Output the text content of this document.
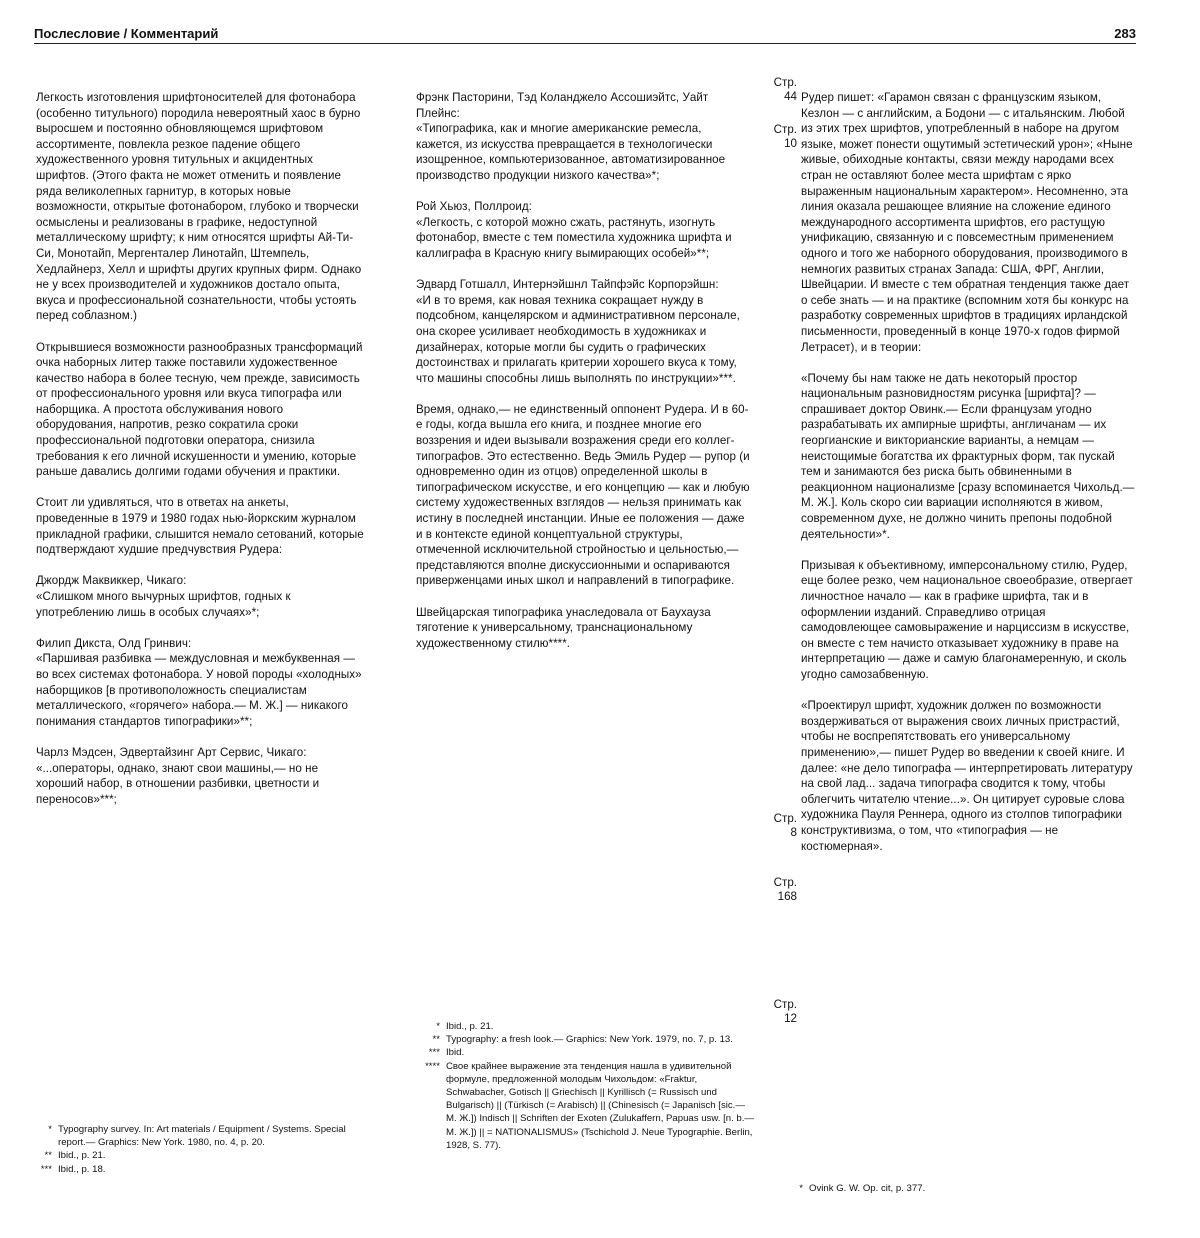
Послесловие / Комментарий	283

Легкость изготовления шрифтоносителей для фотонабора (особенно титульного) породила невероятный хаос в бурно выросшем и постоянно обновляющемся шрифтовом ассортименте, повлекла резкое падение общего художественного уровня титульных и акцидентных шрифтов. (Этого факта не может отменить и появление ряда великолепных гарнитур, в которых новые возможности, открытые фотонабором, глубоко и творчески осмыслены и реализованы в графике, недоступной металлическому шрифту; к ним относятся шрифты Ай-Ти-Си, Монотайп, Мергенталер Линотайп, Штемпель, Хедлайнерз, Хелл и шрифты других крупных фирм. Однако не у всех производителей и художников достало опыта, вкуса и профессиональной сознательности, чтобы устоять перед соблазном.)

Открывшиеся возможности разнообразных трансформаций очка наборных литер также поставили художественное качество набора в более тесную, чем прежде, зависимость от профессионального уровня или вкуса типографа или наборщика. А простота обслуживания нового оборудования, напротив, резко сократила сроки профессиональной подготовки оператора, снизила требования к его личной искушенности и умению, которые раньше давались долгими годами обучения и практики.

Стоит ли удивляться, что в ответах на анкеты, проведенные в 1979 и 1980 годах нью-йоркским журналом прикладной графики, слышится немало сетований, которые подтверждают худшие предчувствия Рудера:

Джордж Маквиккер, Чикаго:
«Слишком много вычурных шрифтов, годных к употреблению лишь в особых случаях»*;

Филип Дикста, Олд Гринвич:
«Паршивая разбивка — междусловная и межбуквенная — во всех системах фотонабора. У новой породы «холодных» наборщиков [в противоположность специалистам металлического, «горячего» набора.— М. Ж.] — никакого понимания стандартов типографики»**;

Чарлз Мэдсен, Эдвертайзинг Арт Сервис, Чикаго:
«...операторы, однако, знают свои машины,— но не хороший набор, в отношении разбивки, цветности и переносов»***;

Фрэнк Пасторини, Тэд Коланджело Ассошиэйтс, Уайт Плейнс:
«Типографика, как и многие американские ремесла, кажется, из искусства превращается в технологически изощренное, компьютеризованное, автоматизированное производство продукции низкого качества»*;

Рой Хьюз, Поллроид:
«Легкость, с которой можно сжать, растянуть, изогнуть фотонабор, вместе с тем поместила художника шрифта и каллиграфа в Красную книгу вымирающих особей»**;

Эдвард Готшалл, Интернэйшнл Тайпфэйс Корпорэйшн:
«И в то время, как новая техника сокращает нужду в подсобном, канцелярском и административном персонале, она скорее усиливает необходимость в художниках и дизайнерах, которые могли бы судить о графических достоинствах и прилагать критерии хорошего вкуса к тому, что машины способны лишь выполнять по инструкции»***.

Время, однако,— не единственный оппонент Рудера. И в 60-е годы, когда вышла его книга, и позднее многие его воззрения и идеи вызывали возражения среди его коллег-типографов. Это естественно. Ведь Эмиль Рудер — рупор (и одновременно один из отцов) определенной школы в типографическом искусстве, и его концепцию — как и любую систему художественных взглядов — нельзя принимать как истину в последней инстанции. Иные ее положения — даже и в контексте единой концептуальной структуры, отмеченной исключительной стройностью и цельностью,— представляются вполне дискуссионными и оспариваются приверженцами иных школ и направлений в типографике.

Швейцарская типографика унаследовала от Баухауза тяготение к универсальному, транснациональному художественному стилю****.

Рудер пишет: «Гарамон связан с французским языком, Кезлон — с английским, а Бодони — с итальянским. Любой из этих трех шрифтов, употребленный в наборе на другом языке, может понести ощутимый эстетический урон»; «Ныне живые, обиходные контакты, связи между народами всех стран не оставляют более места шрифтам с ярко выраженным национальным характером». Несомненно, эта линия оказала решающее влияние на сложение единого международного ассортимента шрифтов, его растущую унификацию, связанную и с повсеместным применением одного и того же наборного оборудования, производимого в немногих развитых странах Запада: США, ФРГ, Англии, Швейцарии. И вместе с тем обратная тенденция также дает о себе знать — и на практике (вспомним хотя бы конкурс на разработку современных шрифтов в традициях ирландской письменности, проведенный в конце 1970-х годов фирмой Летрасет), и в теории:

«Почему бы нам также не дать некоторый простор национальным разновидностям рисунка [шрифта]? — спрашивает доктор Овинк.— Если французам угодно разрабатывать их ампирные шрифты, англичанам — их георгианские и викторианские варианты, а немцам — неистощимые богатства их фрактурных форм, так пускай тем и занимаются без риска быть обвиненными в реакционном национализме [сразу вспоминается Чихольд.— М. Ж.]. Коль скоро сии вариации исполняются в живом, современном духе, не должно чинить препоны подобной деятельности»*.

Призывая к объективному, имперсональному стилю, Рудер, еще более резко, чем национальное своеобразие, отвергает личностное начало — как в графике шрифта, так и в оформлении изданий. Справедливо отрицая самодовлеющее самовыражение и нарциссизм в искусстве, он вместе с тем начисто отказывает художнику в праве на интерпретацию — даже и самую благонамеренную, и сколь угодно самозабвенную.

«Проектирул шрифт, художник должен по возможности воздерживаться от выражения своих личных пристрастий, чтобы не воспрепятствовать его универсальному применению»,— пишет Рудер во введении к своей книге. И далее: «не дело типографа — интерпретировать литературу на свой лад... задача типографа сводится к тому, чтобы облегчить читателю чтение...». Он цитирует суровые слова художника Пауля Реннера, одного из столпов типографики конструктивизма, о том, что «типография — не костюмерная».

Стр.
44
Стр.
10
Стр.
8
Стр.
168
Стр.
12
* Typography survey. In: Art materials / Equipment / Systems. Special report.— Graphics: New York. 1980, no. 4, p. 20.
** Ibid., p. 21.
*** Ibid., p. 18.
* Ibid., p. 21.
** Typography: a fresh look.— Graphics: New York. 1979, no. 7, p. 13.
*** Ibid.
**** Свое крайнее выражение эта тенденция нашла в удивительной формуле, предложенной молодым Чихольдом: «Fraktur, Schwabacher, Gotisch || Griechisch || Kyrillisch (= Russisch und Bulgarisch) || (Türkisch (= Arabisch) || (Chinesisch (= Japanisch [sic.— М. Ж.]) Indisch || Schriften der Exoten (Zulukaffern, Papuas usw. [n. b.— М. Ж.]) || = NATIONALISMUS» (Tschichold J. Neue Typographie. Berlin, 1928, S. 77).
* Ovink G. W. Op. cit, p. 377.
